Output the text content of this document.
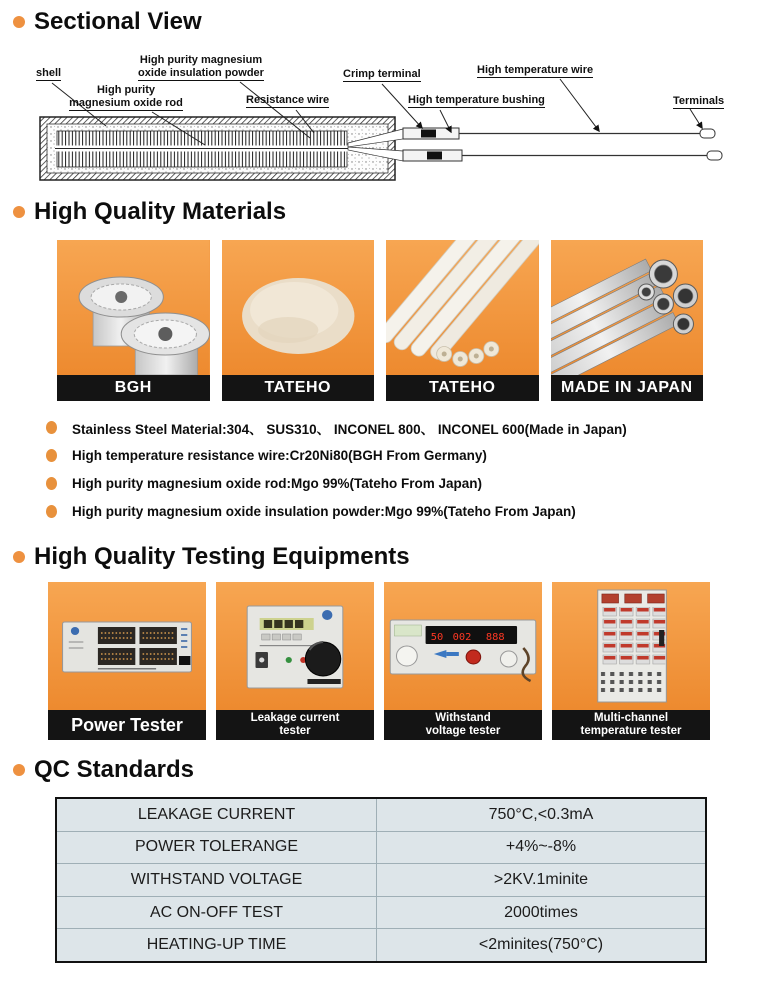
Sectional View
shell
High purity magnesium
oxide insulation powder
High purity
magnesium oxide rod	Resistance wire
Crimp terminal
High temperature bushing
High temperature wire
Terminals
High Quality Materials
BGH	TATEHO	TATEHO	MADE IN JAPAN
Stainless Steel Material:304、 SUS310、 INCONEL 800、 INCONEL 600(Made in Japan)
High temperature resistance wire:Cr20Ni80(BGH From Germany)
High purity magnesium oxide rod:Mgo 99%(Tateho From Japan)
High purity magnesium oxide insulation powder:Mgo 99%(Tateho From Japan)
High Quality Testing Equipments
Power Tester	Leakage current
tester
50 002 888
Withstand
voltage tester
Multi-channel
temperature tester
QC Standards
LEAKAGE CURRENT	750°C,<0.3mA
POWER TOLERANGE	+4%~-8%
WITHSTAND VOLTAGE	>2KV.1minite
AC ON-OFF TEST	2000times
HEATING-UP TIME	<2minites(750°C)
